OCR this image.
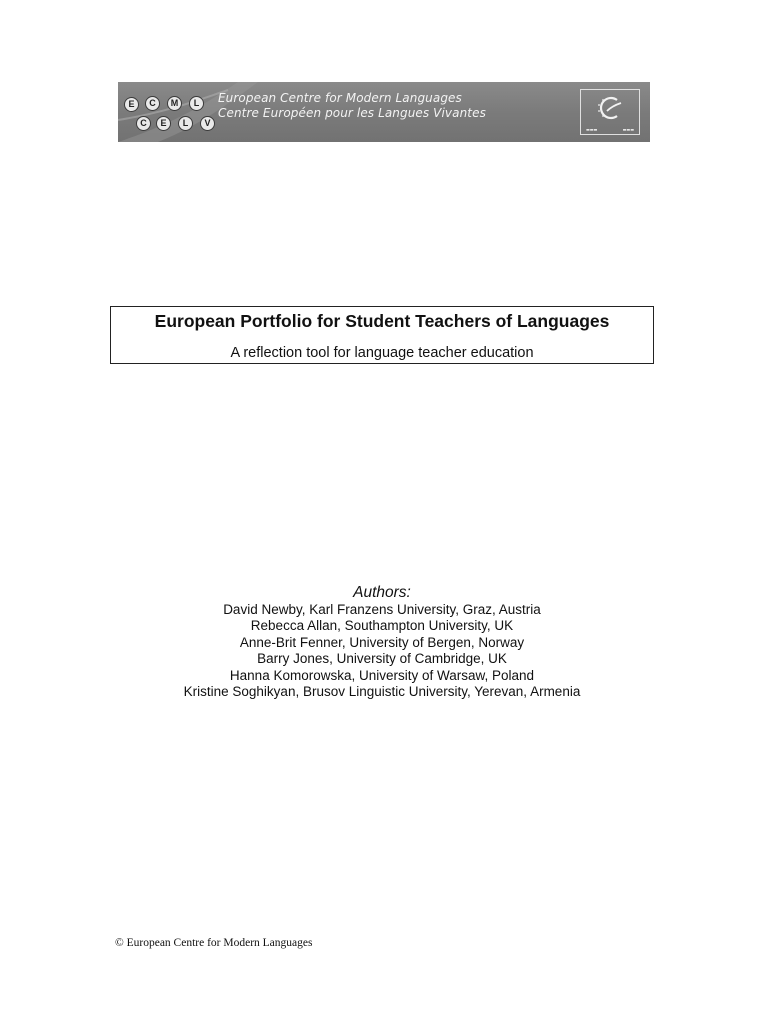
E	C	M	L
C	E	L	V
European Centre for Modern Languages
Centre Européen pour les Langues Vivantes
▬▬▬	▬▬▬
European Portfolio for Student Teachers of Languages
A reflection tool for language teacher education
Authors:
David Newby, Karl Franzens University, Graz, Austria
Rebecca Allan, Southampton University, UK
Anne-Brit Fenner, University of Bergen, Norway
Barry Jones, University of Cambridge, UK
Hanna Komorowska, University of Warsaw, Poland
Kristine Soghikyan, Brusov Linguistic University, Yerevan, Armenia
© European Centre for Modern Languages
